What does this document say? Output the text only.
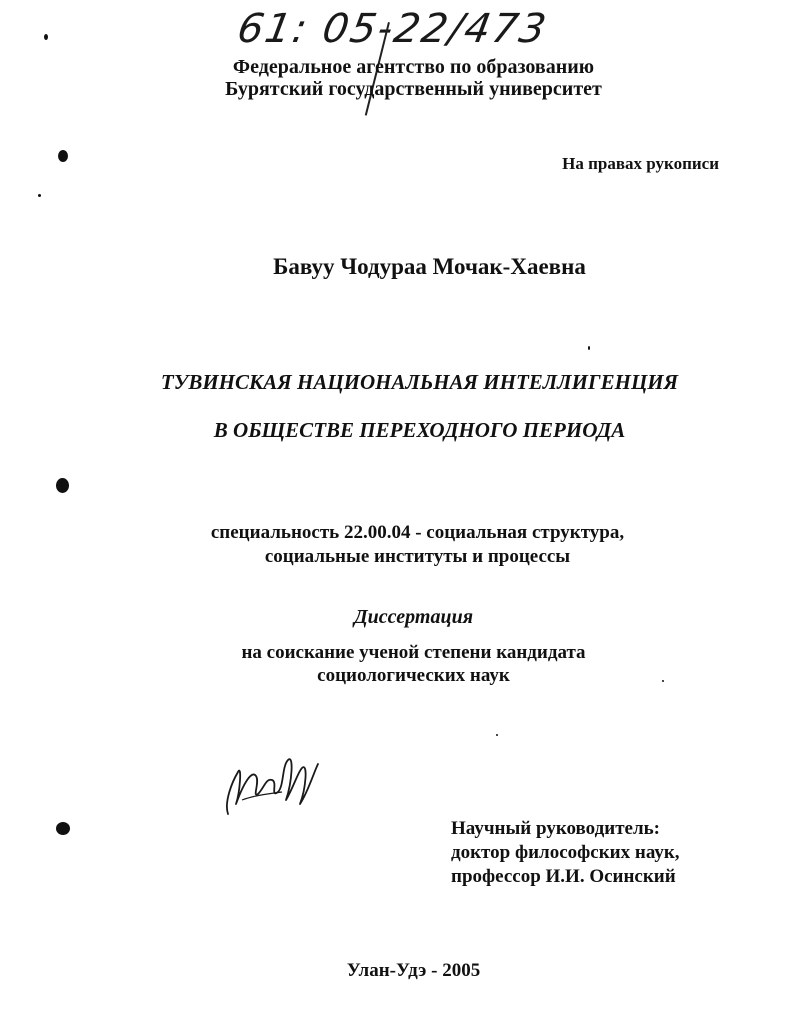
61: 05-22/473
Федеральное агентство по образованию
Бурятский государственный университет
На правах рукописи
Бавуу Чодураа Мочак-Хаевна
ТУВИНСКАЯ НАЦИОНАЛЬНАЯ ИНТЕЛЛИГЕНЦИЯ
В ОБЩЕСТВЕ ПЕРЕХОДНОГО ПЕРИОДА
специальность 22.00.04 - социальная структура,
социальные институты и процессы
Диссертация
на соискание ученой степени кандидата
социологических наук
Научный руководитель:
доктор философских наук,
профессор И.И. Осинский
Улан-Удэ - 2005
